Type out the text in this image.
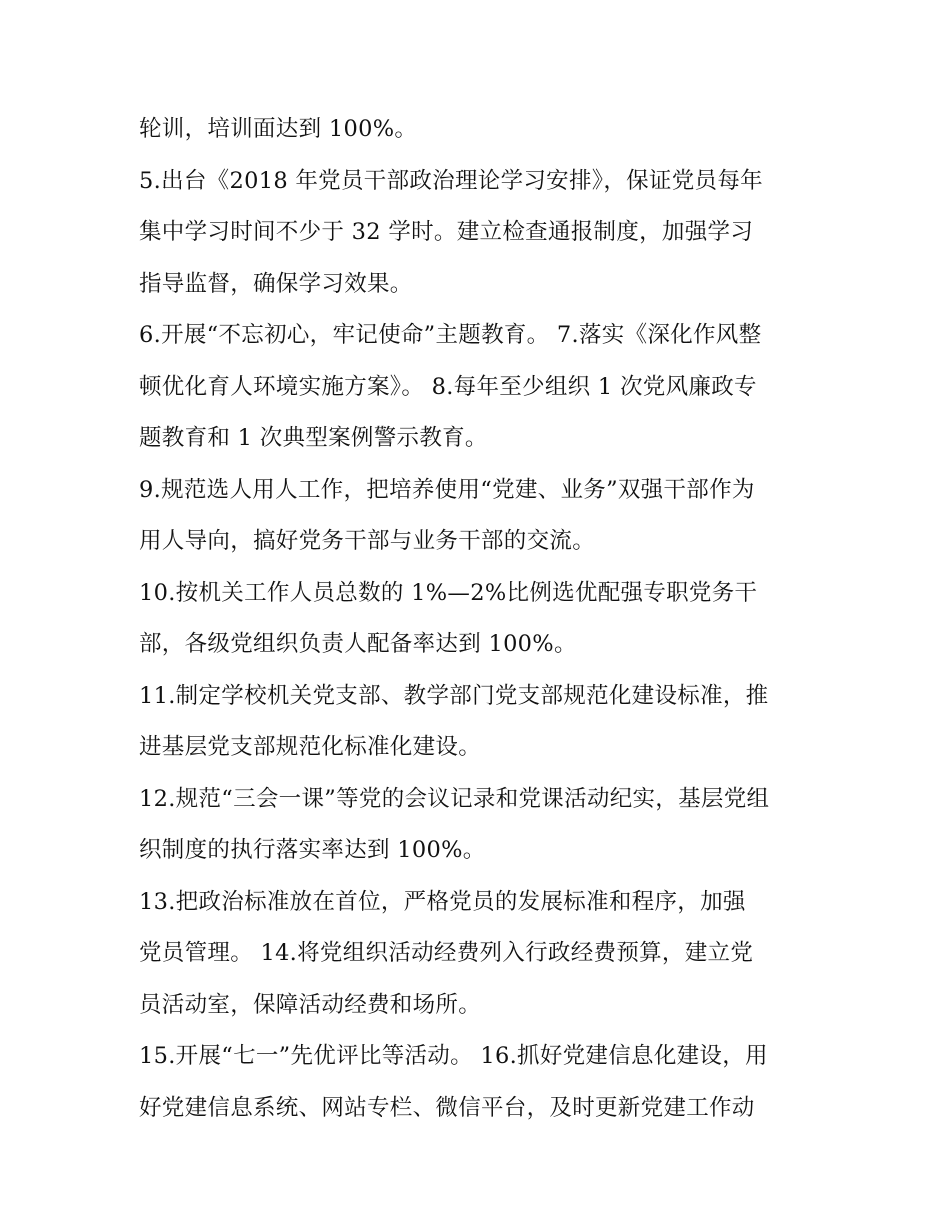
轮训，培训面达到 100%。
5.出台《2018 年党员干部政治理论学习安排》，保证党员每年
集中学习时间不少于 32 学时。建立检查通报制度，加强学习
指导监督，确保学习效果。
6.开展“不忘初心，牢记使命”主题教育。 7.落实《深化作风整
顿优化育人环境实施方案》。 8.每年至少组织 1 次党风廉政专
题教育和 1 次典型案例警示教育。
9.规范选人用人工作，把培养使用“党建、业务”双强干部作为
用人导向，搞好党务干部与业务干部的交流。
10.按机关工作人员总数的 1%—2%比例选优配强专职党务干
部，各级党组织负责人配备率达到 100%。
11.制定学校机关党支部、教学部门党支部规范化建设标准，推
进基层党支部规范化标准化建设。
12.规范“三会一课”等党的会议记录和党课活动纪实，基层党组
织制度的执行落实率达到 100%。
13.把政治标准放在首位，严格党员的发展标准和程序，加强
党员管理。 14.将党组织活动经费列入行政经费预算，建立党
员活动室，保障活动经费和场所。
15.开展“七一”先优评比等活动。 16.抓好党建信息化建设，用
好党建信息系统、网站专栏、微信平台，及时更新党建工作动
